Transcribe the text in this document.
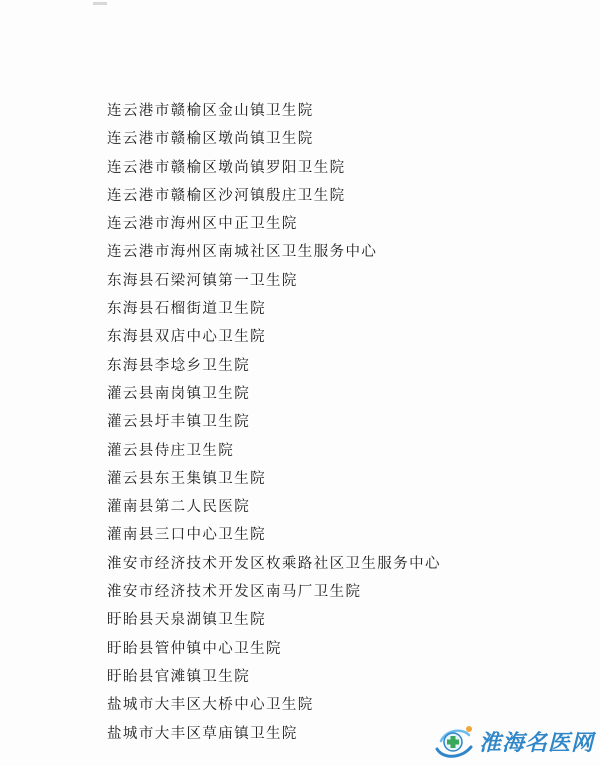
连云港市赣榆区金山镇卫生院
连云港市赣榆区墩尚镇卫生院
连云港市赣榆区墩尚镇罗阳卫生院
连云港市赣榆区沙河镇殷庄卫生院
连云港市海州区中正卫生院
连云港市海州区南城社区卫生服务中心
东海县石梁河镇第一卫生院
东海县石榴街道卫生院
东海县双店中心卫生院
东海县李埝乡卫生院
灌云县南岗镇卫生院
灌云县圩丰镇卫生院
灌云县侍庄卫生院
灌云县东王集镇卫生院
灌南县第二人民医院
灌南县三口中心卫生院
淮安市经济技术开发区枚乘路社区卫生服务中心
淮安市经济技术开发区南马厂卫生院
盱眙县天泉湖镇卫生院
盱眙县管仲镇中心卫生院
盱眙县官滩镇卫生院
盐城市大丰区大桥中心卫生院
盐城市大丰区草庙镇卫生院	淮海名医网
